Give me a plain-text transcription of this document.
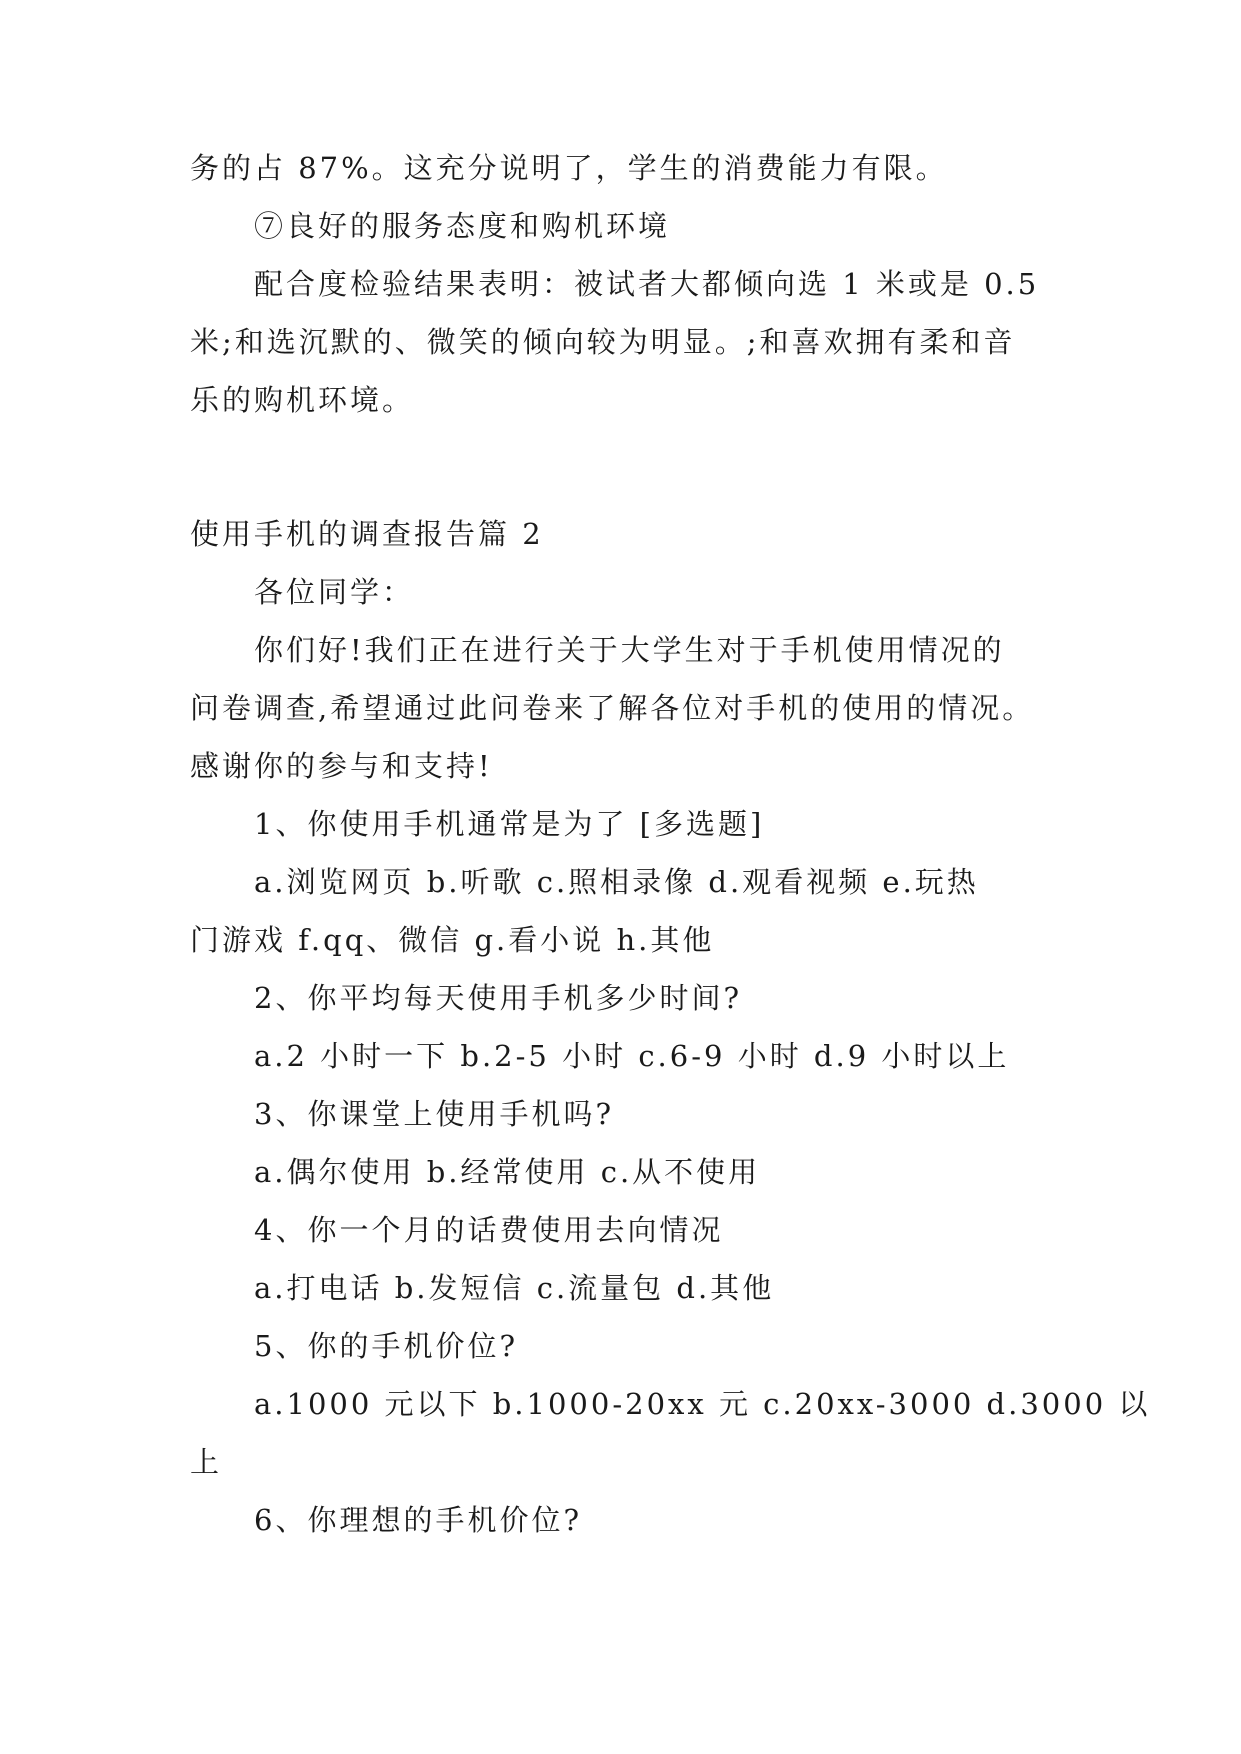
务的占 87%。这充分说明了，学生的消费能力有限。
⑦良好的服务态度和购机环境
配合度检验结果表明：被试者大都倾向选 1 米或是 0.5
米;和选沉默的、微笑的倾向较为明显。;和喜欢拥有柔和音
乐的购机环境。
使用手机的调查报告篇 2
各位同学：
你们好!我们正在进行关于大学生对于手机使用情况的
问卷调查,希望通过此问卷来了解各位对手机的使用的情况。
感谢你的参与和支持!
1、你使用手机通常是为了 [多选题]
a.浏览网页 b.听歌 c.照相录像 d.观看视频 e.玩热
门游戏 f.qq、微信 g.看小说 h.其他
2、你平均每天使用手机多少时间?
a.2 小时一下 b.2-5 小时 c.6-9 小时 d.9 小时以上
3、你课堂上使用手机吗?
a.偶尔使用 b.经常使用 c.从不使用
4、你一个月的话费使用去向情况
a.打电话 b.发短信 c.流量包 d.其他
5、你的手机价位?
a.1000 元以下 b.1000-20xx 元 c.20xx-3000 d.3000 以
上
6、你理想的手机价位?
